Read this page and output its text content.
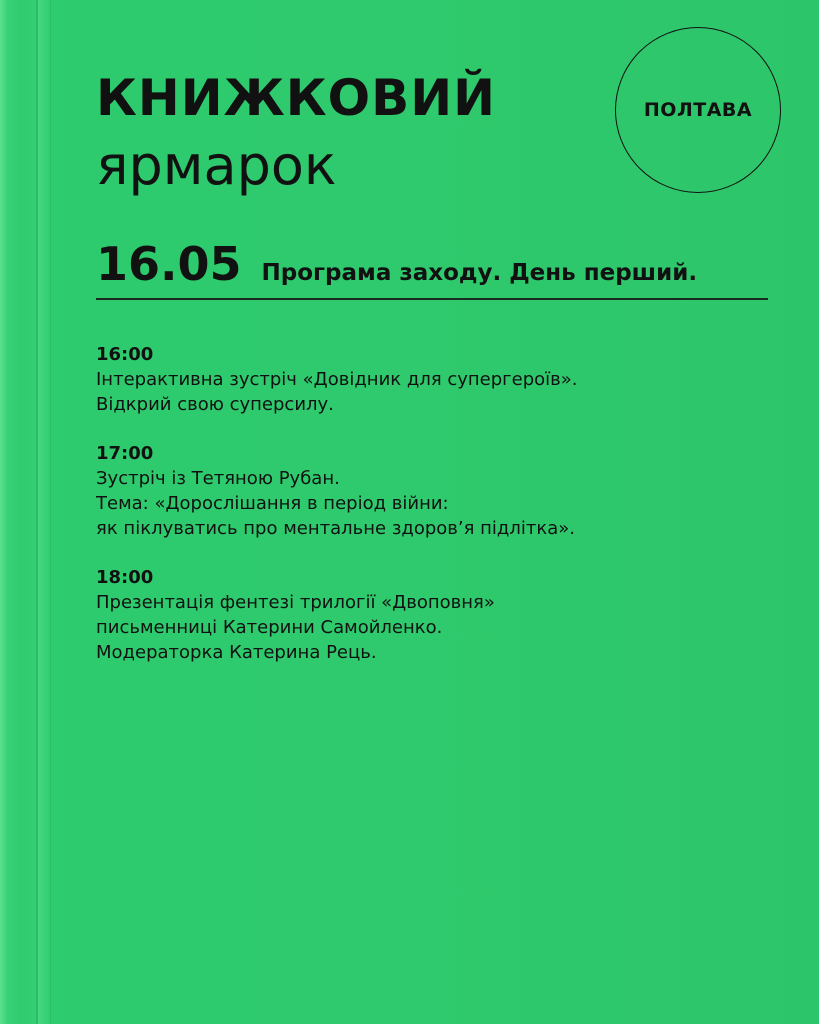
КНИЖКОВИЙ
ярмарок
ПОЛТАВА
16.05 Програма заходу. День перший.
16:00
Інтерактивна зустріч «Довідник для супергероїв».
Відкрий свою суперсилу.
17:00
Зустріч із Тетяною Рубан.
Тема: «Дорослішання в період війни:
як піклуватись про ментальне здоров’я підлітка».
18:00
Презентація фентезі трилогії «Двоповня»
письменниці Катерини Самойленко.
Модераторка Катерина Рець.
